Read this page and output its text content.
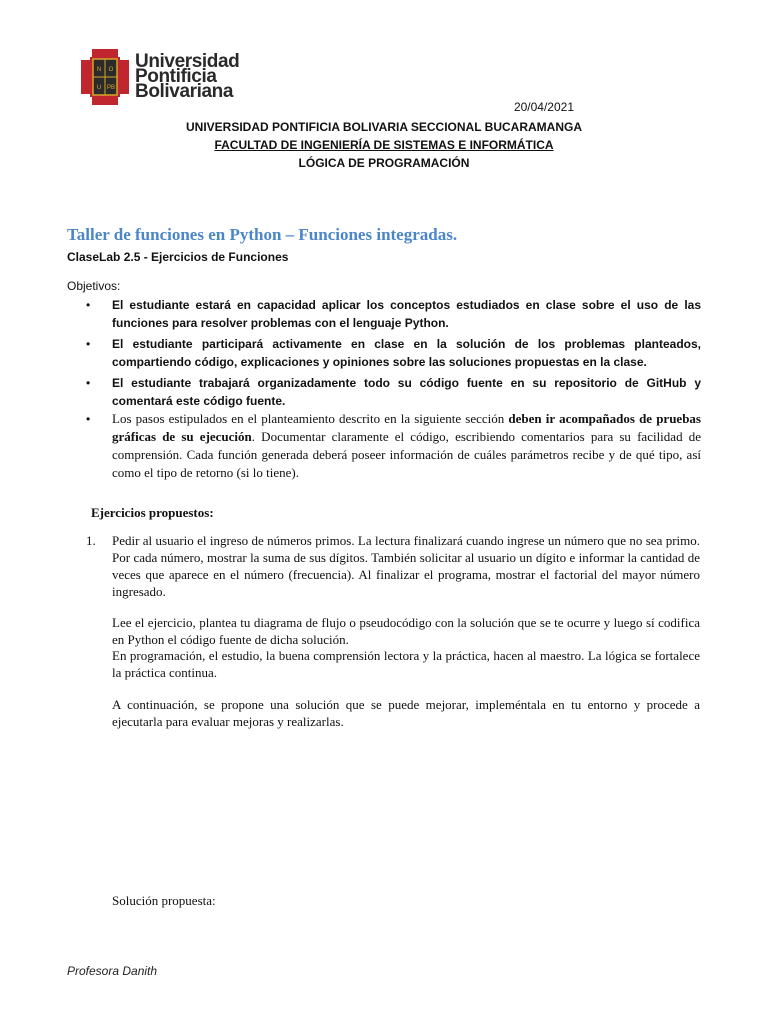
N O
U PB
Universidad
Pontificia
Bolivariana
20/04/2021
UNIVERSIDAD PONTIFICIA BOLIVARIA SECCIONAL BUCARAMANGA
FACULTAD DE INGENIERÍA DE SISTEMAS E INFORMÁTICA
LÓGICA DE PROGRAMACIÓN
Taller de funciones en Python – Funciones integradas.
ClaseLab 2.5 - Ejercicios de Funciones
Objetivos:
• El estudiante estará en capacidad aplicar los conceptos estudiados en clase sobre el uso de las funciones para resolver problemas con el lenguaje Python.
• El estudiante participará activamente en clase en la solución de los problemas planteados, compartiendo código, explicaciones y opiniones sobre las soluciones propuestas en la clase.
• El estudiante trabajará organizadamente todo su código fuente en su repositorio de GitHub y comentará este código fuente.
• Los pasos estipulados en el planteamiento descrito en la siguiente sección deben ir acompañados de pruebas gráficas de su ejecución. Documentar claramente el código, escribiendo comentarios para su facilidad de comprensión. Cada función generada deberá poseer información de cuáles parámetros recibe y de qué tipo, así como el tipo de retorno (si lo tiene).
Ejercicios propuestos:
1. Pedir al usuario el ingreso de números primos. La lectura finalizará cuando ingrese un número que no sea primo. Por cada número, mostrar la suma de sus dígitos. También solicitar al usuario un dígito e informar la cantidad de veces que aparece en el número (frecuencia). Al finalizar el programa, mostrar el factorial del mayor número ingresado.
Lee el ejercicio, plantea tu diagrama de flujo o pseudocódigo con la solución que se te ocurre y luego sí codifica en Python el código fuente de dicha solución.
En programación, el estudio, la buena comprensión lectora y la práctica, hacen al maestro. La lógica se fortalece la práctica continua.
A continuación, se propone una solución que se puede mejorar, impleméntala en tu entorno y procede a ejecutarla para evaluar mejoras y realizarlas.
Solución propuesta:
Profesora Danith
